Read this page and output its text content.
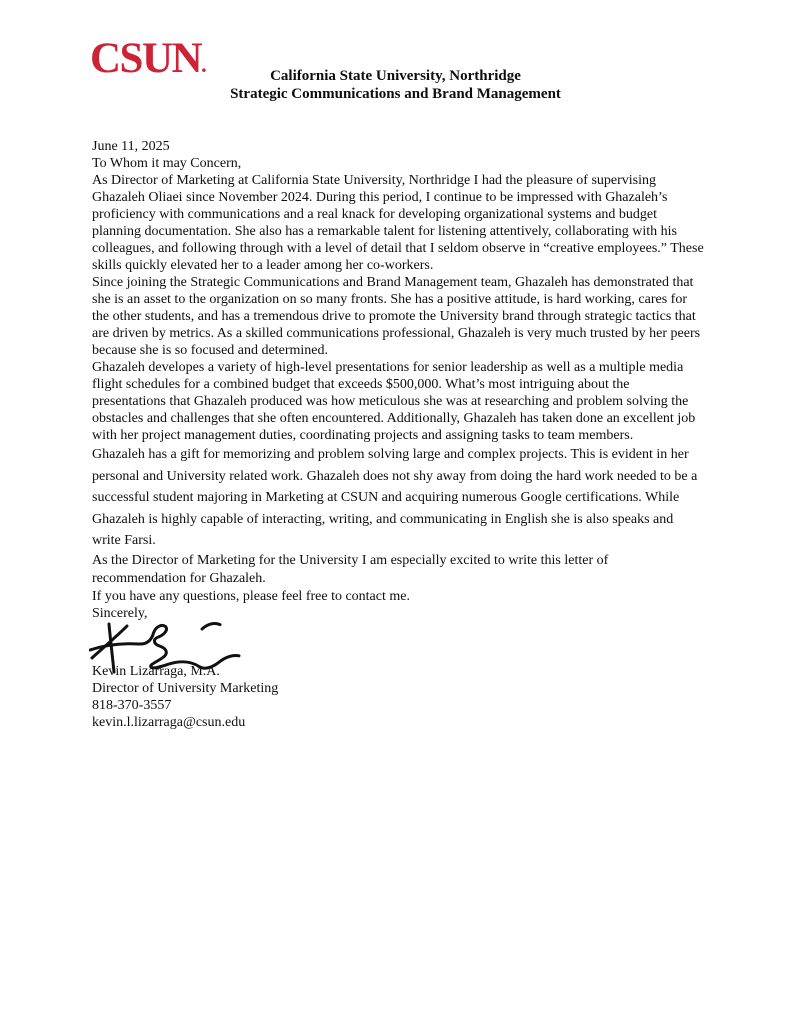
CSUN.	California State University, Northridge
Strategic Communications and Brand Management

June 11, 2025

To Whom it may Concern,

As Director of Marketing at California State University, Northridge I had the pleasure of supervising Ghazaleh Oliaei since November 2024. During this period, I continue to be impressed with Ghazaleh’s proficiency with communications and a real knack for developing organizational systems and budget planning documentation. She also has a remarkable talent for listening attentively, collaborating with his colleagues, and following through with a level of detail that I seldom observe in “creative employees.” These skills quickly elevated her to a leader among her co-workers.

Since joining the Strategic Communications and Brand Management team, Ghazaleh has demonstrated that she is an asset to the organization on so many fronts. She has a positive attitude, is hard working, cares for the other students, and has a tremendous drive to promote the University brand through strategic tactics that are driven by metrics. As a skilled communications professional, Ghazaleh is very much trusted by her peers because she is so focused and determined.

Ghazaleh developes a variety of high-level presentations for senior leadership as well as a multiple media flight schedules for a combined budget that exceeds $500,000. What’s most intriguing about the presentations that Ghazaleh produced was how meticulous she was at researching and problem solving the obstacles and challenges that she often encountered. Additionally, Ghazaleh has taken done an excellent job with her project management duties, coordinating projects and assigning tasks to team members.

Ghazaleh has a gift for memorizing and problem solving large and complex projects. This is evident in her personal and University related work. Ghazaleh does not shy away from doing the hard work needed to be a successful student majoring in Marketing at CSUN and acquiring numerous Google certifications. While Ghazaleh is highly capable of interacting, writing, and communicating in English she is also speaks and write Farsi.

As the Director of Marketing for the University I am especially excited to write this letter of recommendation for Ghazaleh.

If you have any questions, please feel free to contact me.

Sincerely,

Kevin Lizarraga, M.A.

Director of University Marketing

818-370-3557

kevin.l.lizarraga@csun.edu
